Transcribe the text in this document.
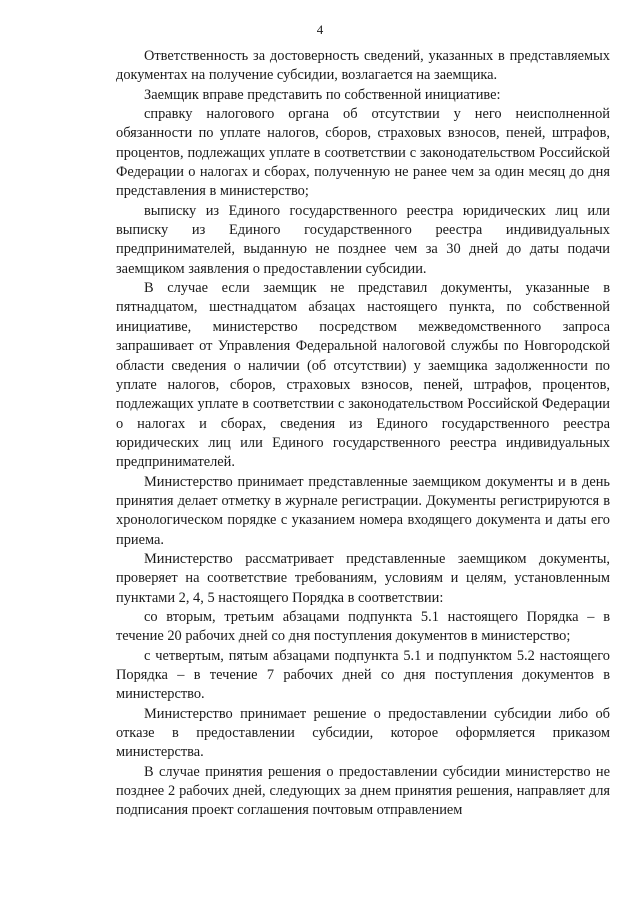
4

Ответственность за достоверность сведений, указанных в представляемых документах на получение субсидии, возлагается на заемщика.

Заемщик вправе представить по собственной инициативе:

справку налогового органа об отсутствии у него неисполненной обязанности по уплате налогов, сборов, страховых взносов, пеней, штрафов, процентов, подлежащих уплате в соответствии с законодательством Российской Федерации о налогах и сборах, полученную не ранее чем за один месяц до дня представления в министерство;

выписку из Единого государственного реестра юридических лиц или выписку из Единого государственного реестра индивидуальных предпринимателей, выданную не позднее чем за 30 дней до даты подачи заемщиком заявления о предоставлении субсидии.

В случае если заемщик не представил документы, указанные в пятнадцатом, шестнадцатом абзацах настоящего пункта, по собственной инициативе, министерство посредством межведомственного запроса запрашивает от Управления Федеральной налоговой службы по Новгородской области сведения о наличии (об отсутствии) у заемщика задолженности по уплате налогов, сборов, страховых взносов, пеней, штрафов, процентов, подлежащих уплате в соответствии с законодательством Российской Федерации о налогах и сборах, сведения из Единого государственного реестра юридических лиц или Единого государственного реестра индивидуальных предпринимателей.

Министерство принимает представленные заемщиком документы и в день принятия делает отметку в журнале регистрации. Документы регистрируются в хронологическом порядке с указанием номера входящего документа и даты его приема.

Министерство рассматривает представленные заемщиком документы, проверяет на соответствие требованиям, условиям и целям, установленным пунктами 2, 4, 5 настоящего Порядка в соответствии:

со вторым, третьим абзацами подпункта 5.1 настоящего Порядка – в течение 20 рабочих дней со дня поступления документов в министерство;

с четвертым, пятым абзацами подпункта 5.1 и подпунктом 5.2 настоящего Порядка – в течение 7 рабочих дней со дня поступления документов в министерство.

Министерство принимает решение о предоставлении субсидии либо об отказе в предоставлении субсидии, которое оформляется приказом министерства.

В случае принятия решения о предоставлении субсидии министерство не позднее 2 рабочих дней, следующих за днем принятия решения, направляет для подписания проект соглашения почтовым отправлением
